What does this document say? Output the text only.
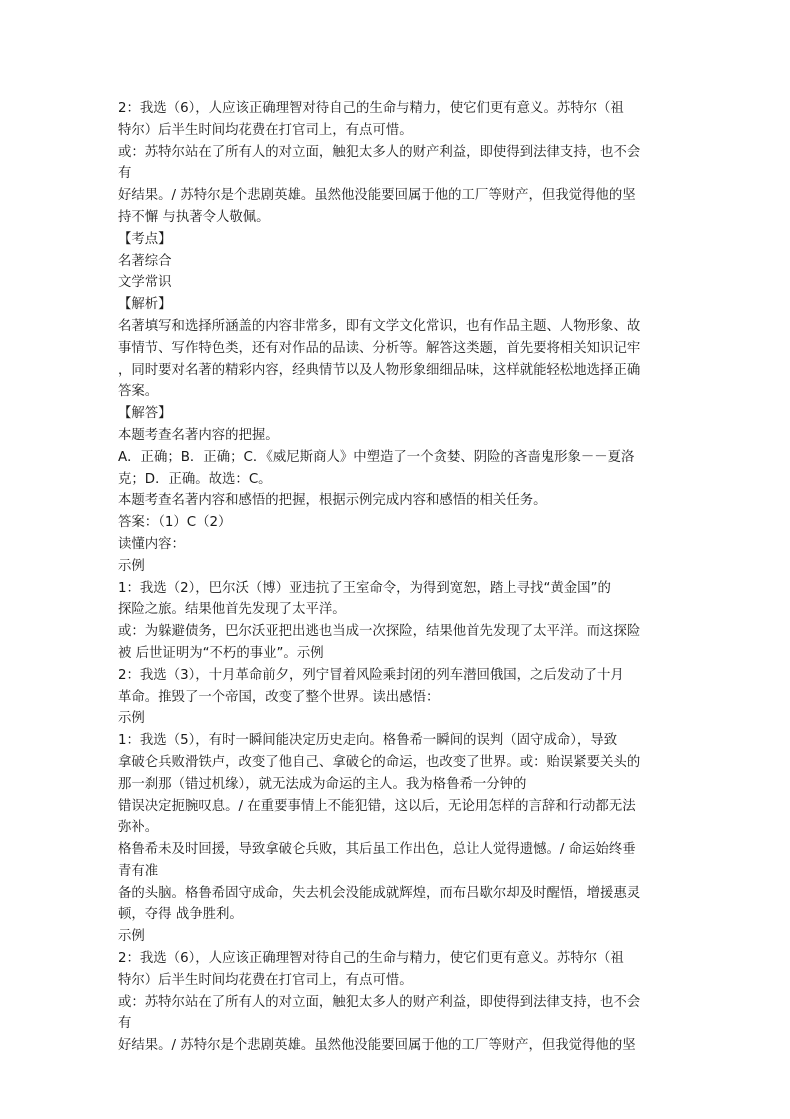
2：我选（6），人应该正确理智对待自己的生命与精力，使它们更有意义。苏特尔（祖
特尔）后半生时间均花费在打官司上，有点可惜。
或：苏特尔站在了所有人的对立面，触犯太多人的财产利益，即使得到法律支持，也不会
有
好结果。/ 苏特尔是个悲剧英雄。虽然他没能要回属于他的工厂等财产，但我觉得他的坚
持不懈 与执著令人敬佩。
【考点】
名著综合
文学常识
【解析】
名著填写和选择所涵盖的内容非常多，即有文学文化常识，也有作品主题、人物形象、故
事情节、写作特色类，还有对作品的品读、分析等。解答这类题，首先要将相关知识记牢
，同时要对名著的精彩内容，经典情节以及人物形象细细品味，这样就能轻松地选择正确
答案。
【解答】
本题考查名著内容的把握。
A．正确；B．正确；C．《威尼斯商人》中塑造了一个贪婪、阴险的吝啬鬼形象－－夏洛
克；D．正确。故选：C。
本题考查名著内容和感悟的把握，根据示例完成内容和感悟的相关任务。
答案：（1）C（2）
读懂内容：
示例
1：我选（2），巴尔沃（博）亚违抗了王室命令，为得到宽恕，踏上寻找“黄金国”的
探险之旅。结果他首先发现了太平洋。
或：为躲避债务，巴尔沃亚把出逃也当成一次探险，结果他首先发现了太平洋。而这探险
被 后世证明为“不朽的事业”。示例
2：我选（3），十月革命前夕，列宁冒着风险乘封闭的列车潜回俄国，之后发动了十月
革命。推毁了一个帝国，改变了整个世界。读出感悟：
示例
1：我选（5），有时一瞬间能决定历史走向。格鲁希一瞬间的误判（固守成命），导致
拿破仑兵败滑铁卢，改变了他自己、拿破仑的命运，也改变了世界。或：贻误紧要关头的
那一刹那（错过机缘），就无法成为命运的主人。我为格鲁希一分钟的
错误决定扼腕叹息。/ 在重要事情上不能犯错，这以后，无论用怎样的言辞和行动都无法
弥补。
格鲁希未及时回援，导致拿破仑兵败，其后虽工作出色，总让人觉得遗憾。/ 命运始终垂
青有准
备的头脑。格鲁希固守成命，失去机会没能成就辉煌，而布吕歇尔却及时醒悟，增援惠灵
顿，夺得 战争胜利。
示例
2：我选（6），人应该正确理智对待自己的生命与精力，使它们更有意义。苏特尔（祖
特尔）后半生时间均花费在打官司上，有点可惜。
或：苏特尔站在了所有人的对立面，触犯太多人的财产利益，即使得到法律支持，也不会
有
好结果。/ 苏特尔是个悲剧英雄。虽然他没能要回属于他的工厂等财产，但我觉得他的坚
